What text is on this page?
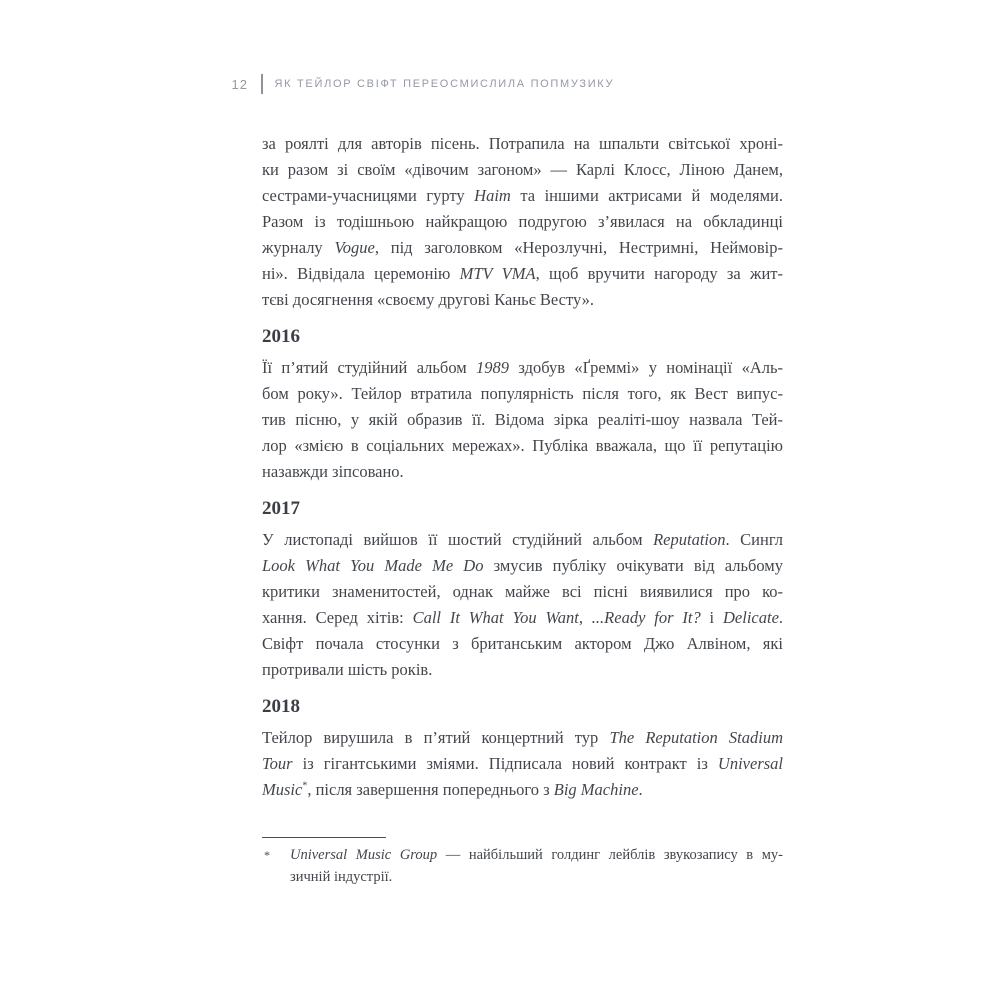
12 ЯК ТЕЙЛОР СВІФТ ПЕРЕОСМИСЛИЛА ПОПМУЗИКУ
за роялті для авторів пісень. Потрапила на шпальти світської хроні-
ки разом зі своїм «дівочим загоном» — Карлі Клосс, Ліною Данем,
сестрами-учасницями гурту Haim та іншими актрисами й моделями.
Разом із тодішньою найкращою подругою з’явилася на обкладинці
журналу Vogue, під заголовком «Нерозлучні, Нестримні, Неймовір-
ні». Відвідала церемонію MTV VMA, щоб вручити нагороду за жит-
тєві досягнення «своєму другові Каньє Весту».
2016
Її п’ятий студійний альбом 1989 здобув «Ґреммі» у номінації «Аль-
бом року». Тейлор втратила популярність після того, як Вест випус-
тив пісню, у якій образив її. Відома зірка реаліті-шоу назвала Тей-
лор «змією в соціальних мережах». Публіка вважала, що її репутацію
назавжди зіпсовано.
2017
У листопаді вийшов її шостий студійний альбом Reputation. Сингл
Look What You Made Me Do змусив публіку очікувати від альбому
критики знаменитостей, однак майже всі пісні виявилися про ко-
хання. Серед хітів: Call It What You Want, ...Ready for It? і Delicate.
Свіфт почала стосунки з британським актором Джо Алвіном, які
протривали шість років.
2018
Тейлор вирушила в п’ятий концертний тур The Reputation Stadium
Tour із гігантськими зміями. Підписала новий контракт із Universal
Music*, після завершення попереднього з Big Machine.
* Universal Music Group — найбільший голдинг лейблів звукозапису в му-
зичній індустрії.
